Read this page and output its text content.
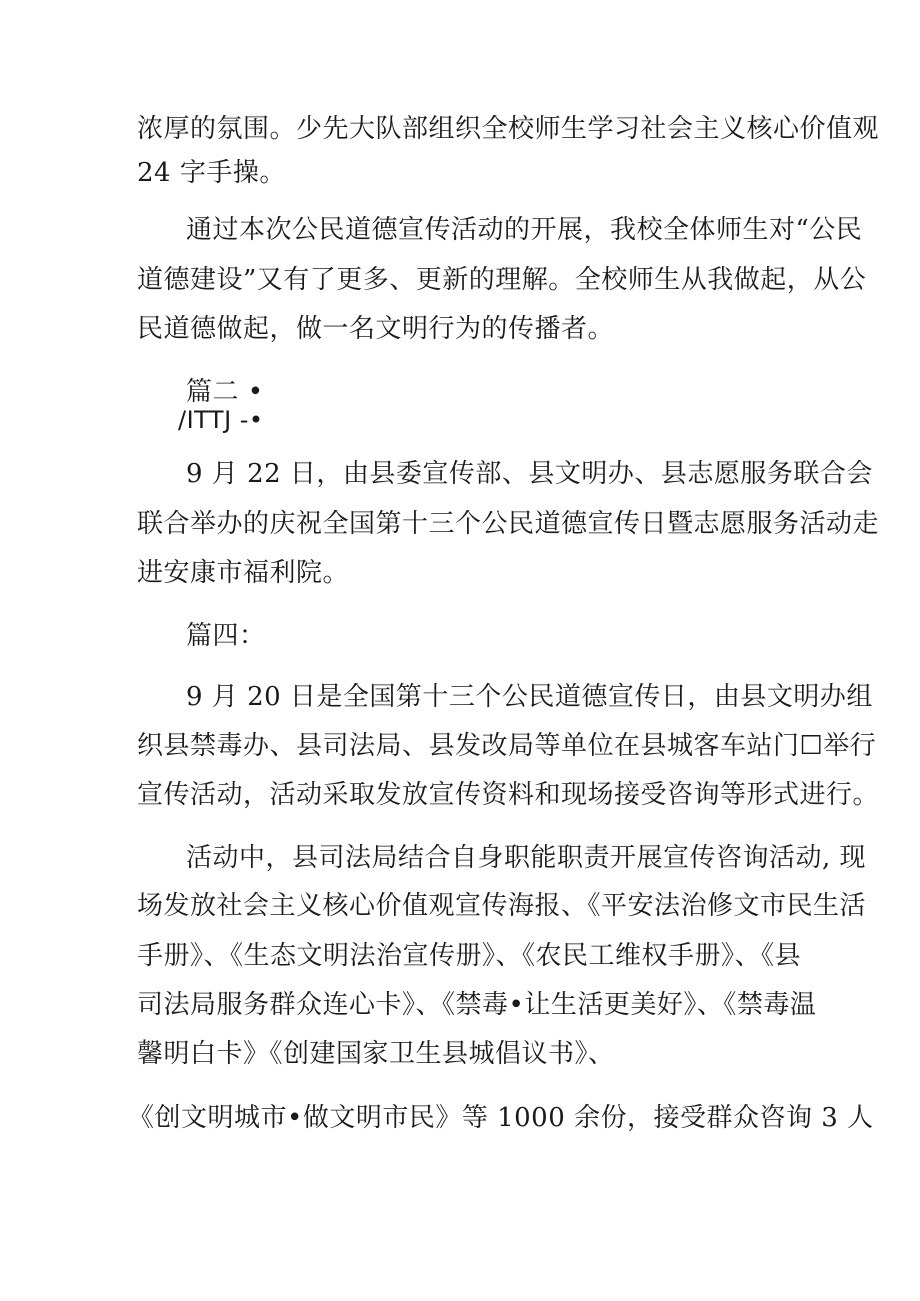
浓厚的氛围。少先大队部组织全校师生学习社会主义核心价值观
24 字手操。
通过本次公民道德宣传活动的开展，我校全体师生对“公民
道德建设”又有了更多、更新的理解。全校师生从我做起，从公
民道德做起，做一名文明行为的传播者。
篇二 •
/ITTJ -•
9 月 22 日，由县委宣传部、县文明办、县志愿服务联合会
联合举办的庆祝全国第十三个公民道德宣传日暨志愿服务活动走
进安康市福利院。
篇四：
9 月 20 日是全国第十三个公民道德宣传日，由县文明办组
织县禁毒办、县司法局、县发改局等单位在县城客车站门☐举行
宣传活动，活动采取发放宣传资料和现场接受咨询等形式进行。
活动中，县司法局结合自身职能职责开展宣传咨询活动, 现
场发放社会主义核心价值观宣传海报、《平安法治修文市民生活
手册》、《生态文明法治宣传册》、《农民工维权手册》、《县
司法局服务群众连心卡》、《禁毒•让生活更美好》、《禁毒温
馨明白卡》《创建国家卫生县城倡议书》、
《创文明城市•做文明市民》等 1000 余份，接受群众咨询 3 人
